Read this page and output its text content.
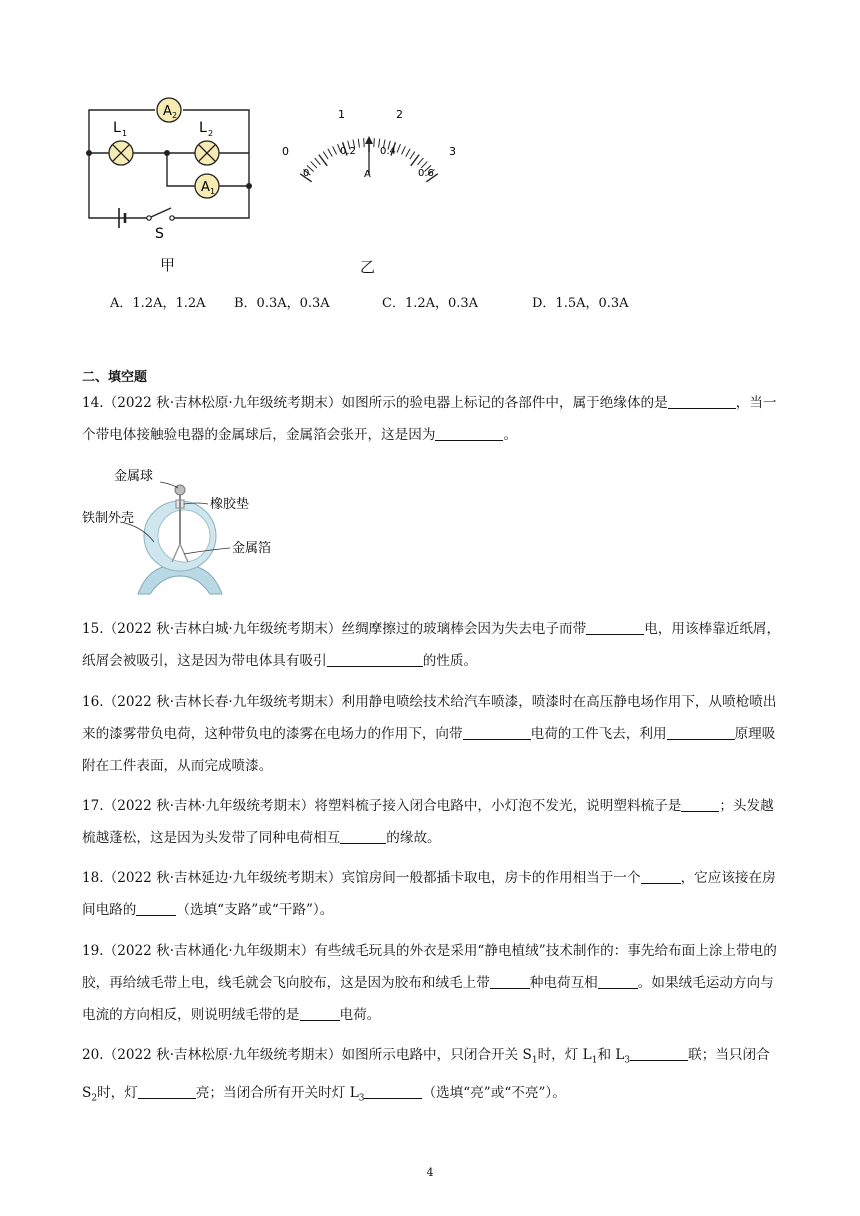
A 2
L 1	L 2
A 1
S
甲
0
1	2
3
0
0.2 0.4
0.6
A
乙
A．1.2A，1.2A B．0.3A，0.3A	C．1.2A，0.3A	D．1.5A，0.3A
二、填空题
14.（2022 秋·吉林松原·九年级统考期末）如图所示的验电器上标记的各部件中，属于绝缘体的是	，当一个带电体接触验电器的金属球后，金属箔会张开，这是因为	。
金属球
橡胶垫
铁制外壳
金属箔
15.（2022 秋·吉林白城·九年级统考期末）丝绸摩擦过的玻璃棒会因为失去电子而带	电，用该棒靠近纸屑，纸屑会被吸引，这是因为带电体具有吸引	的性质。
16.（2022 秋·吉林长春·九年级统考期末）利用静电喷绘技术给汽车喷漆，喷漆时在高压静电场作用下，从喷枪喷出来的漆雾带负电荷，这种带负电的漆雾在电场力的作用下，向带	电荷的工件飞去，利用	原理吸附在工件表面，从而完成喷漆。
17.（2022 秋·吉林·九年级统考期末）将塑料梳子接入闭合电路中，小灯泡不发光，说明塑料梳子是	；头发越梳越蓬松，这是因为头发带了同种电荷相互	的缘故。
18.（2022 秋·吉林延边·九年级统考期末）宾馆房间一般都插卡取电，房卡的作用相当于一个	，它应该接在房间电路的	（选填“支路”或“干路”）。
19.（2022 秋·吉林通化·九年级期末）有些绒毛玩具的外衣是采用“静电植绒”技术制作的：事先给布面上涂上带电的胶，再给绒毛带上电，线毛就会飞向胶布，这是因为胶布和绒毛上带	种电荷互相	。如果绒毛运动方向与电流的方向相反，则说明绒毛带的是	电荷。
20.（2022 秋·吉林松原·九年级统考期末）如图所示电路中，只闭合开关 $S_1$时，灯 $L_1$和 $L_3$	联；当只闭合 $S_2$时，灯	亮；当闭合所有开关时灯 $L_3$	（选填“亮”或“不亮”）。
4
